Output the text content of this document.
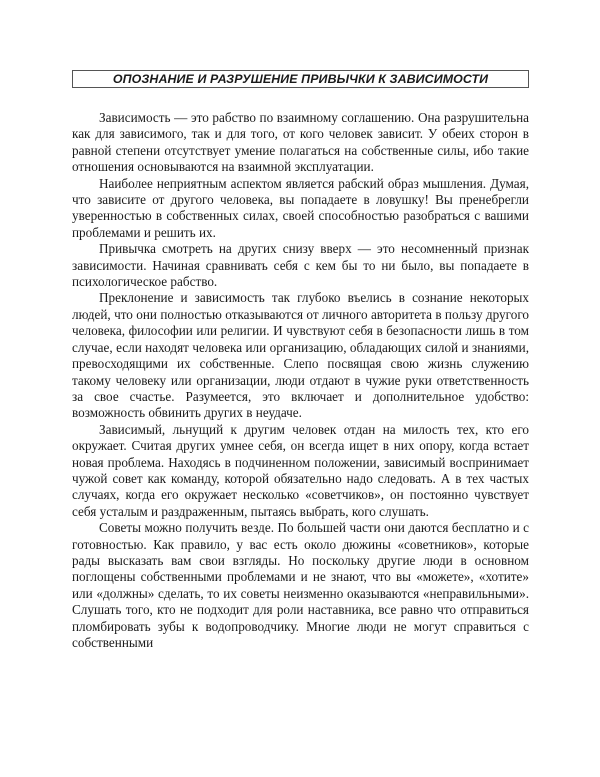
ОПОЗНАНИЕ И РАЗРУШЕНИЕ ПРИВЫЧКИ К ЗАВИСИМОСТИ

Зависимость — это рабство по взаимному соглашению. Она разрушительна как для зависимого, так и для того, от кого человек зависит. У обеих сторон в равной степени отсутствует умение полагаться на собственные силы, ибо такие отношения основываются на взаимной эксплуатации.

Наиболее неприятным аспектом является рабский образ мышления. Думая, что зависите от другого человека, вы попадаете в ловушку! Вы пренебрегли уверенностью в собственных силах, своей способностью разобраться с вашими проблемами и решить их.

Привычка смотреть на других снизу вверх — это несомненный признак зависимости. Начиная сравнивать себя с кем бы то ни было, вы попадаете в психологическое рабство.

Преклонение и зависимость так глубоко въелись в сознание некоторых людей, что они полностью отказываются от личного авторитета в пользу другого человека, философии или религии. И чувствуют себя в безопасности лишь в том случае, если находят человека или организацию, обладающих силой и знаниями, превосходящими их собственные. Слепо посвящая свою жизнь служению такому человеку или организации, люди отдают в чужие руки ответственность за свое счастье. Разумеется, это включает и дополнительное удобство: возможность обвинить других в неудаче.

Зависимый, льнущий к другим человек отдан на милость тех, кто его окружает. Считая других умнее себя, он всегда ищет в них опору, когда встает новая проблема. Находясь в подчиненном положении, зависимый воспринимает чужой совет как команду, которой обязательно надо следовать. А в тех частых случаях, когда его окружает несколько «советчиков», он постоянно чувствует себя усталым и раздраженным, пытаясь выбрать, кого слушать.

Советы можно получить везде. По большей части они даются бесплатно и с готовностью. Как правило, у вас есть около дюжины «советников», которые рады высказать вам свои взгляды. Но поскольку другие люди в основном поглощены собственными проблемами и не знают, что вы «можете», «хотите» или «должны» сделать, то их советы неизменно оказываются «неправильными». Слушать того, кто не подходит для роли наставника, все равно что отправиться пломбировать зубы к водопроводчику. Многие люди не могут справиться с собственными
